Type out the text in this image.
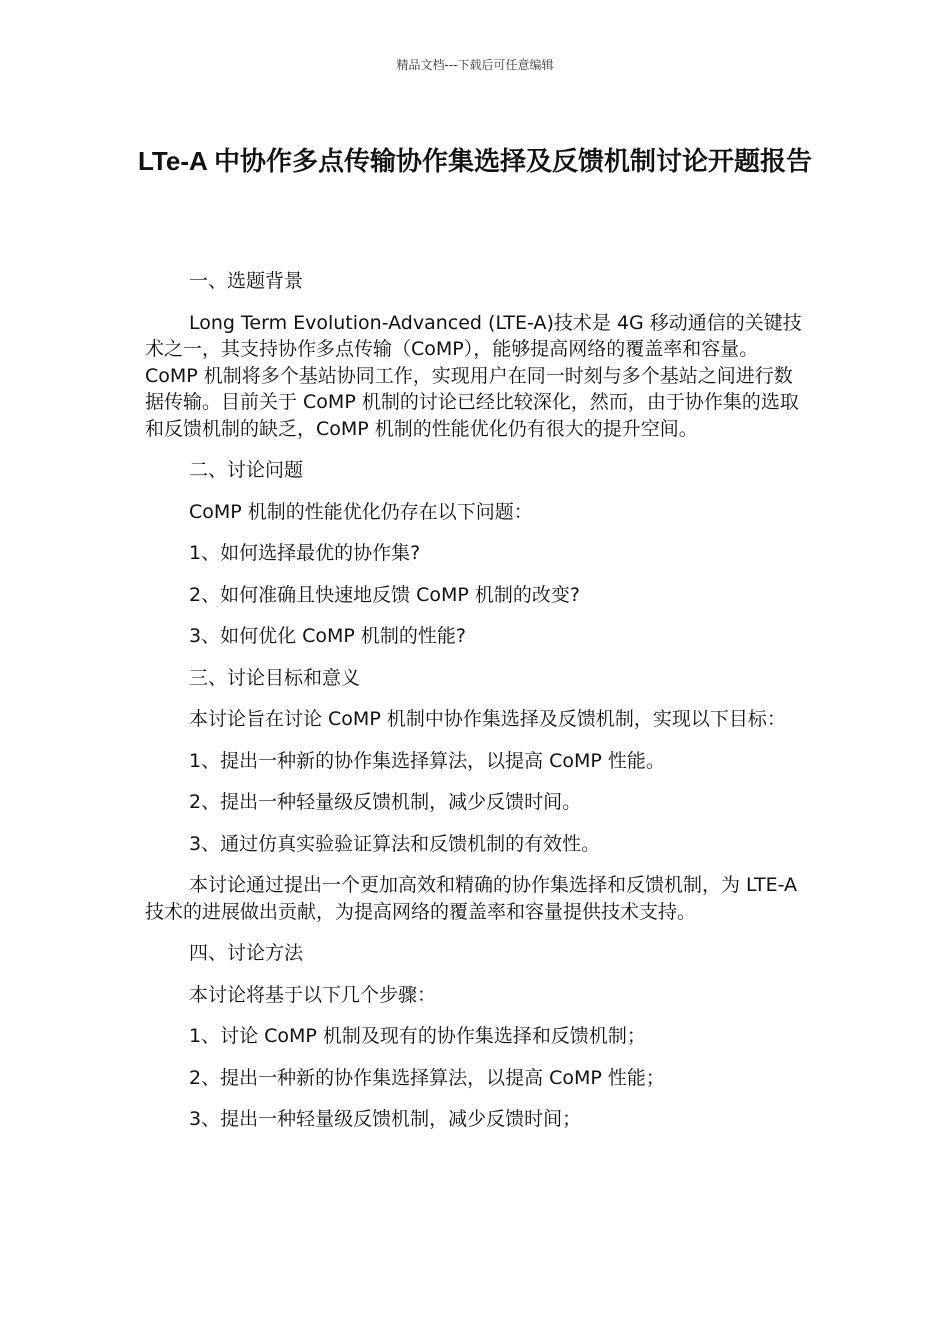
精品文档---下载后可任意编辑
LTe-A 中协作多点传输协作集选择及反馈机制讨论开题报告

一、选题背景

Long Term Evolution-Advanced (LTE-A)技术是 4G 移动通信的关键技术之一，其支持协作多点传输（CoMP），能够提高网络的覆盖率和容量。 CoMP 机制将多个基站协同工作，实现用户在同一时刻与多个基站之间进行数据传输。目前关于 CoMP 机制的讨论已经比较深化，然而，由于协作集的选取和反馈机制的缺乏，CoMP 机制的性能优化仍有很大的提升空间。

二、讨论问题

CoMP 机制的性能优化仍存在以下问题：

1、如何选择最优的协作集?

2、如何准确且快速地反馈 CoMP 机制的改变?

3、如何优化 CoMP 机制的性能?

三、讨论目标和意义

本讨论旨在讨论 CoMP 机制中协作集选择及反馈机制，实现以下目标：

1、提出一种新的协作集选择算法，以提高 CoMP 性能。

2、提出一种轻量级反馈机制，减少反馈时间。

3、通过仿真实验验证算法和反馈机制的有效性。

本讨论通过提出一个更加高效和精确的协作集选择和反馈机制，为 LTE-A 技术的进展做出贡献，为提高网络的覆盖率和容量提供技术支持。

四、讨论方法

本讨论将基于以下几个步骤：

1、讨论 CoMP 机制及现有的协作集选择和反馈机制；

2、提出一种新的协作集选择算法，以提高 CoMP 性能；

3、提出一种轻量级反馈机制，减少反馈时间；
